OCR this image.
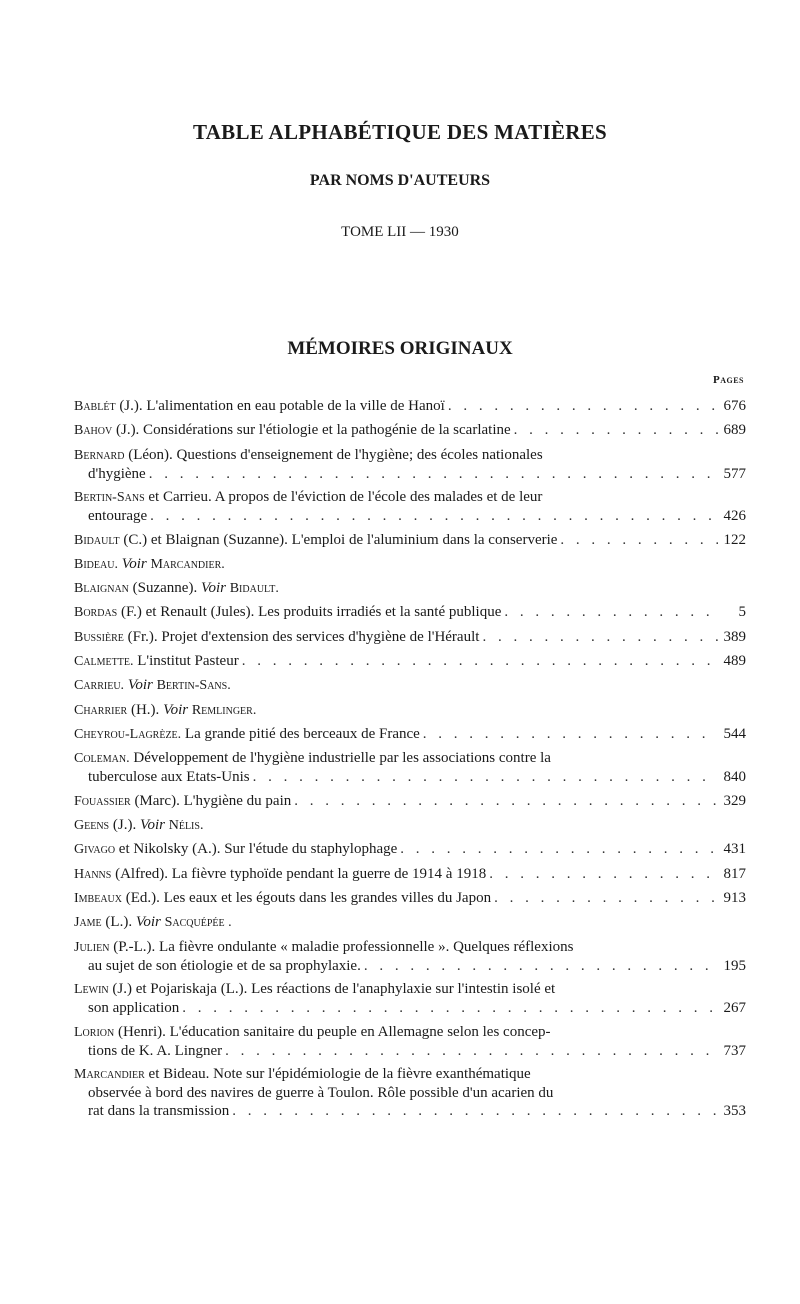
TABLE ALPHABÉTIQUE DES MATIÈRES
PAR NOMS D'AUTEURS
TOME LII — 1930
MÉMOIRES ORIGINAUX
Pages
Bablét (J.). L'alimentation en eau potable de la ville de Hanoï . . .	676
Bahov (J.). Considérations sur l'étiologie et la pathogénie de la scarlatine . . .	689
Bernard (Léon). Questions d'enseignement de l'hygiène; des écoles nationales
d'hygiène . . .	577
Bertin-Sans et Carrieu. A propos de l'éviction de l'école des malades et de leur
entourage . . .	426
Bidault (C.) et Blaignan (Suzanne). L'emploi de l'aluminium dans la conserverie . . .	122
Bideau. Voir Marcandier.
Blaignan (Suzanne). Voir Bidault.
Bordas (F.) et Renault (Jules). Les produits irradiés et la santé publique . . .	5
Bussière (Fr.). Projet d'extension des services d'hygiène de l'Hérault . . .	389
Calmette. L'institut Pasteur . . .	489
Carrieu. Voir Bertin-Sans.
Charrier (H.). Voir Remlinger.
Cheyrou-Lagrèze. La grande pitié des berceaux de France . . .	544
Coleman. Développement de l'hygiène industrielle par les associations contre la
tuberculose aux Etats-Unis . . .	840
Fouassier (Marc). L'hygiène du pain . . .	329
Geens (J.). Voir Nélis.
Givago et Nikolsky (A.). Sur l'étude du staphylophage . . .	431
Hanns (Alfred). La fièvre typhoïde pendant la guerre de 1914 à 1918 . . .	817
Imbeaux (Ed.). Les eaux et les égouts dans les grandes villes du Japon . . .	913
Jame (L.). Voir Sacquépée .
Julien (P.-L.). La fièvre ondulante « maladie professionnelle ». Quelques réflexions
au sujet de son étiologie et de sa prophylaxie. . . .	195
Lewin (J.) et Pojariskaja (L.). Les réactions de l'anaphylaxie sur l'intestin isolé et
son application . . .	267
Lorion (Henri). L'éducation sanitaire du peuple en Allemagne selon les concep-
tions de K. A. Lingner . . .	737
Marcandier et Bideau. Note sur l'épidémiologie de la fièvre exanthématique
observée à bord des navires de guerre à Toulon. Rôle possible d'un acarien du
rat dans la transmission . . .	353
